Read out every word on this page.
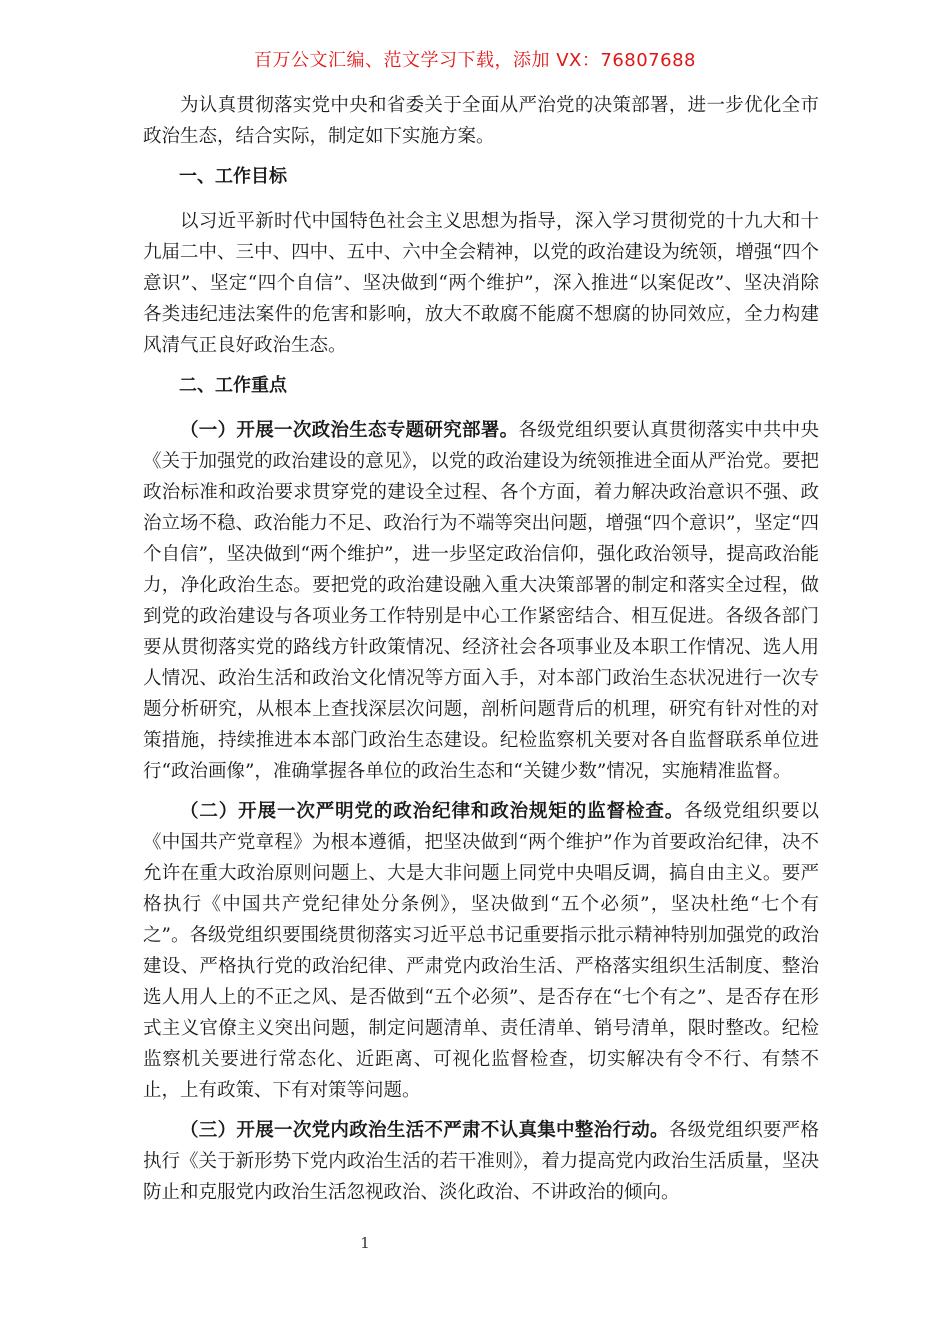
百万公文汇编、范文学习下载，添加 VX：76807688

为认真贯彻落实党中央和省委关于全面从严治党的决策部署，进一步优化全市政治生态，结合实际，制定如下实施方案。

一、工作目标

以习近平新时代中国特色社会主义思想为指导，深入学习贯彻党的十九大和十九届二中、三中、四中、五中、六中全会精神，以党的政治建设为统领，增强“四个意识”、坚定“四个自信”、坚决做到“两个维护”，深入推进“以案促改”、坚决消除各类违纪违法案件的危害和影响，放大不敢腐不能腐不想腐的协同效应，全力构建风清气正良好政治生态。

二、工作重点

（一）开展一次政治生态专题研究部署。各级党组织要认真贯彻落实中共中央《关于加强党的政治建设的意见》，以党的政治建设为统领推进全面从严治党。要把政治标准和政治要求贯穿党的建设全过程、各个方面，着力解决政治意识不强、政治立场不稳、政治能力不足、政治行为不端等突出问题，增强“四个意识”，坚定“四个自信”，坚决做到“两个维护”，进一步坚定政治信仰，强化政治领导，提高政治能力，净化政治生态。要把党的政治建设融入重大决策部署的制定和落实全过程，做到党的政治建设与各项业务工作特别是中心工作紧密结合、相互促进。各级各部门要从贯彻落实党的路线方针政策情况、经济社会各项事业及本职工作情况、选人用人情况、政治生活和政治文化情况等方面入手，对本部门政治生态状况进行一次专题分析研究，从根本上查找深层次问题，剖析问题背后的机理，研究有针对性的对策措施，持续推进本本部门政治生态建设。纪检监察机关要对各自监督联系单位进行“政治画像”，准确掌握各单位的政治生态和“关键少数”情况，实施精准监督。

（二）开展一次严明党的政治纪律和政治规矩的监督检查。各级党组织要以《中国共产党章程》为根本遵循，把坚决做到“两个维护”作为首要政治纪律，决不允许在重大政治原则问题上、大是大非问题上同党中央唱反调，搞自由主义。要严格执行《中国共产党纪律处分条例》，坚决做到“五个必须”，坚决杜绝“七个有之”。各级党组织要围绕贯彻落实习近平总书记重要指示批示精神特别加强党的政治建设、严格执行党的政治纪律、严肃党内政治生活、严格落实组织生活制度、整治选人用人上的不正之风、是否做到“五个必须”、是否存在“七个有之”、是否存在形式主义官僚主义突出问题，制定问题清单、责任清单、销号清单，限时整改。纪检监察机关要进行常态化、近距离、可视化监督检查，切实解决有令不行、有禁不止，上有政策、下有对策等问题。

（三）开展一次党内政治生活不严肃不认真集中整治行动。各级党组织要严格执行《关于新形势下党内政治生活的若干准则》，着力提高党内政治生活质量，坚决防止和克服党内政治生活忽视政治、淡化政治、不讲政治的倾向。

1
